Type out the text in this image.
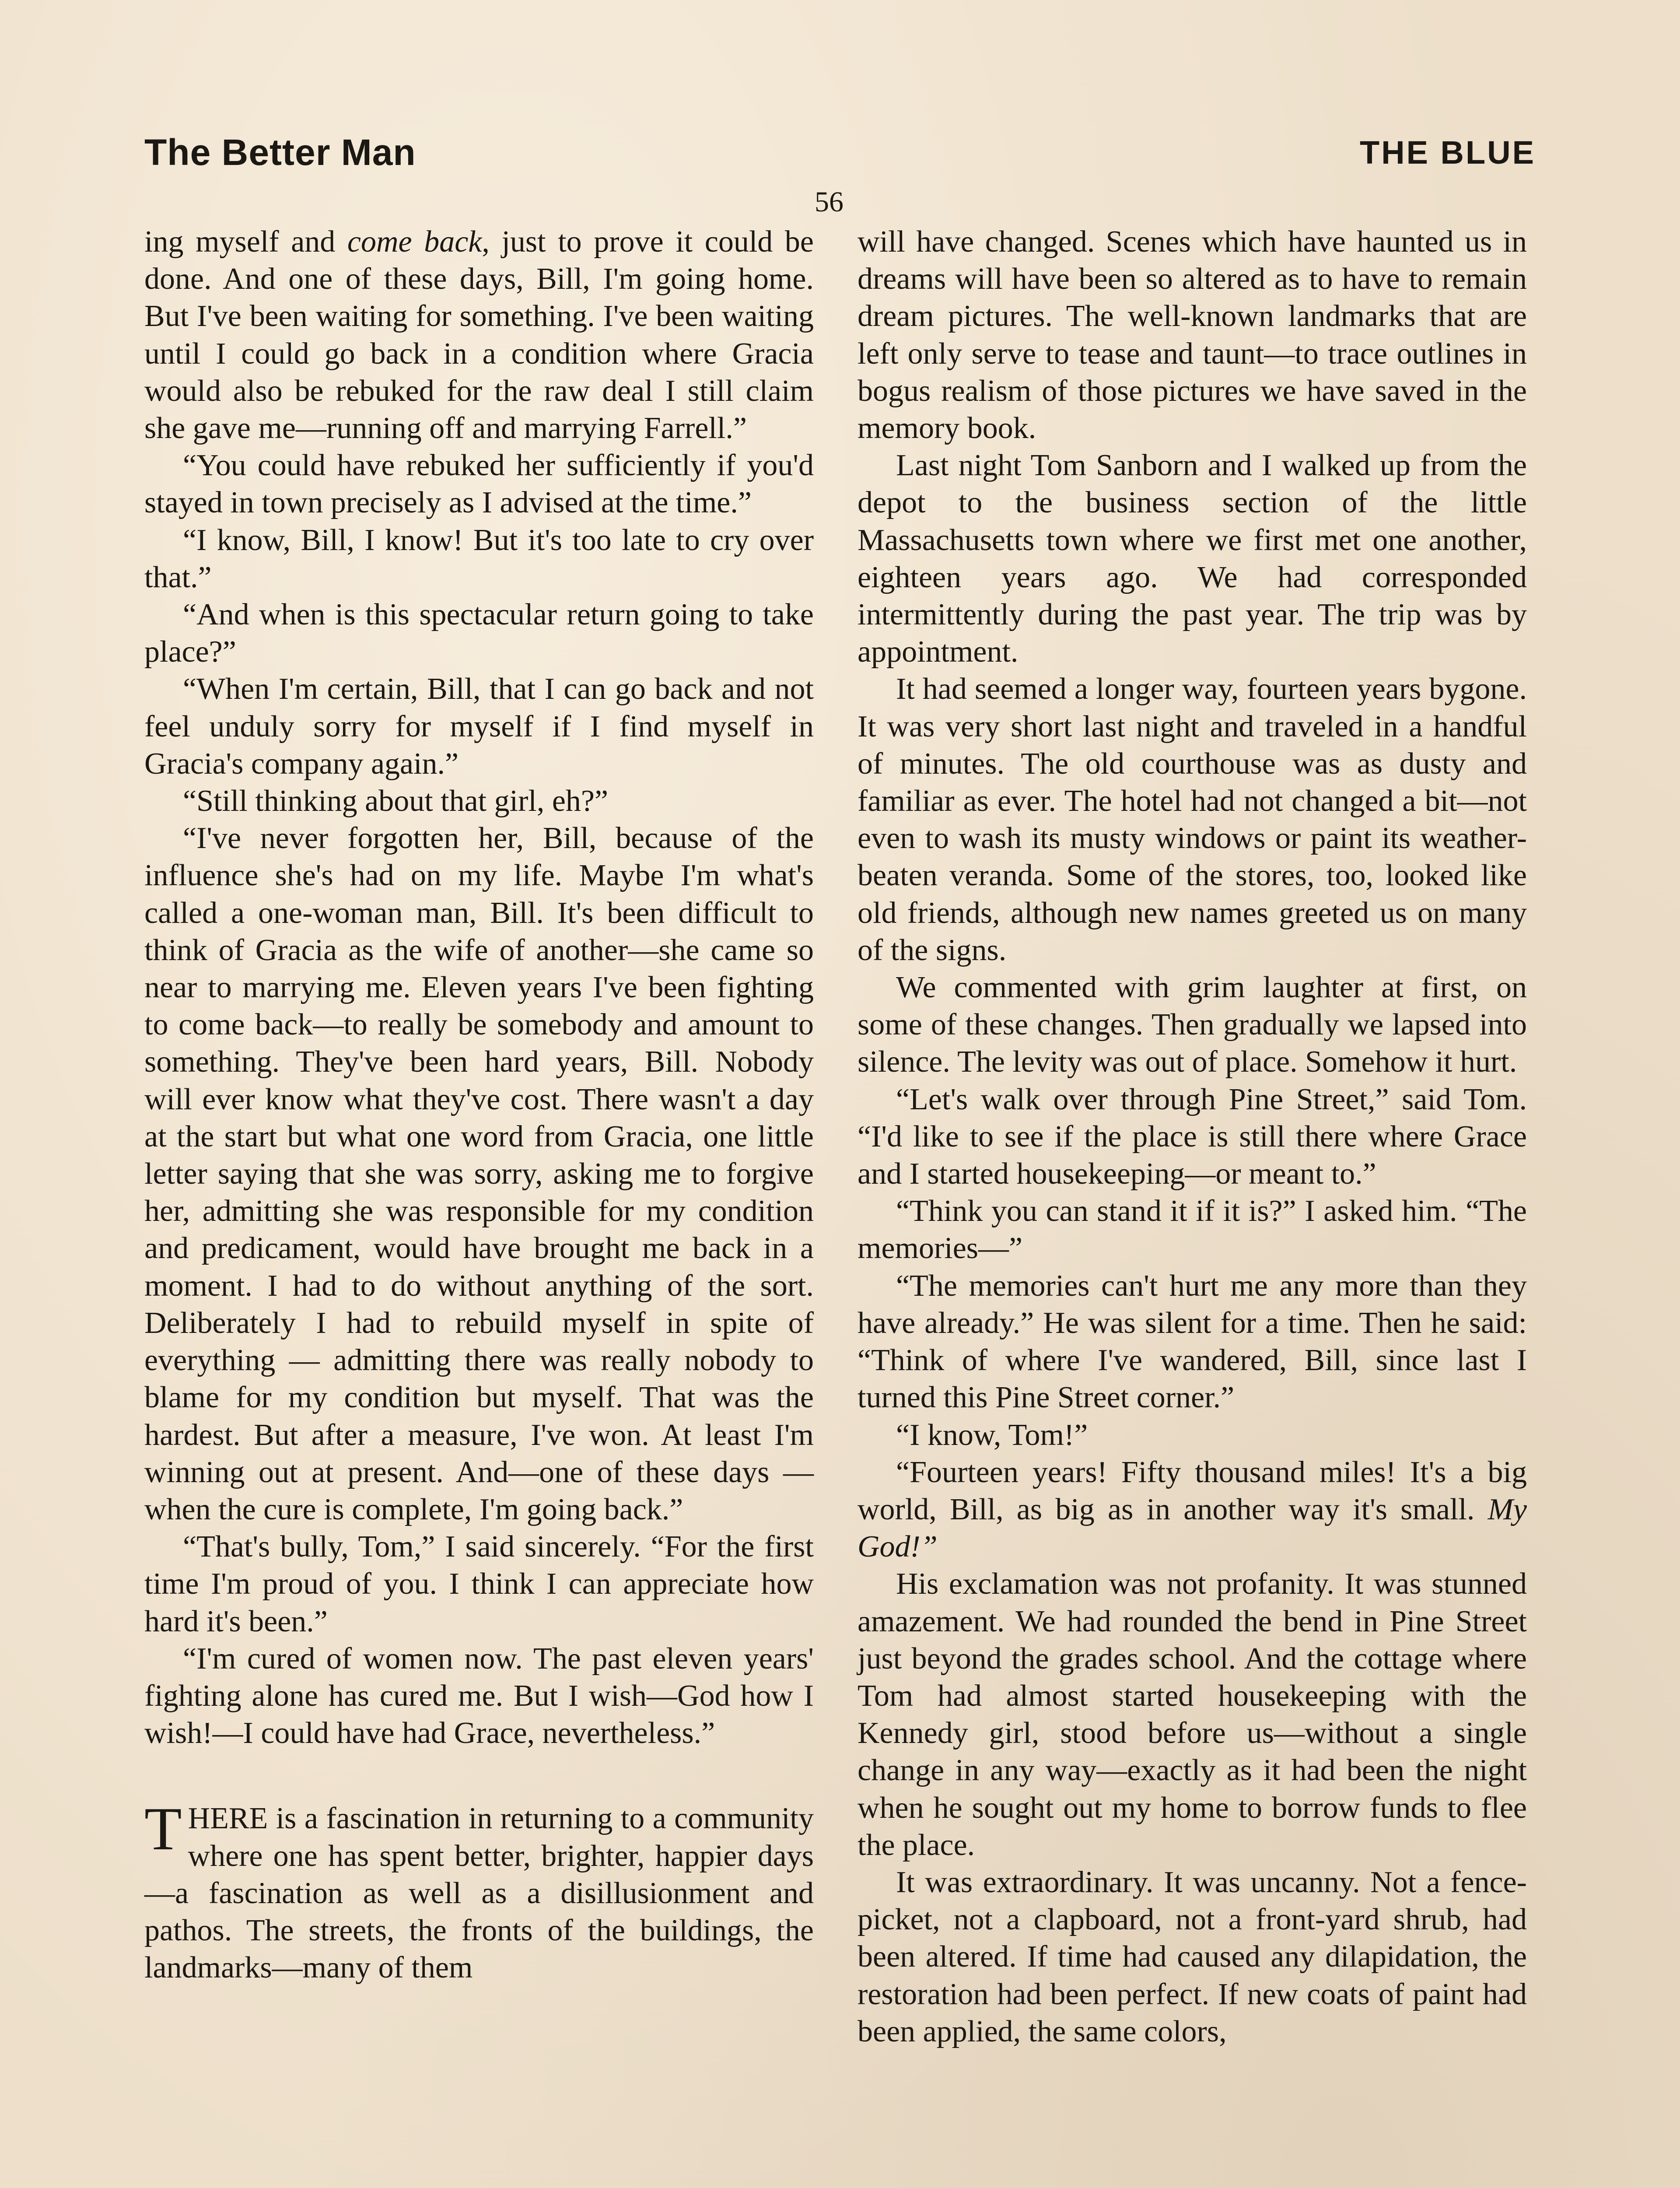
The Better Man	THE BLUE
56

ing myself and come back, just to prove it could be done. And one of these days, Bill, I'm going home. But I've been waiting for something. I've been waiting until I could go back in a condition where Gracia would also be rebuked for the raw deal I still claim she gave me—running off and marrying Farrell.”

“You could have rebuked her sufficiently if you'd stayed in town precisely as I advised at the time.”

“I know, Bill, I know! But it's too late to cry over that.”

“And when is this spectacular return going to take place?”

“When I'm certain, Bill, that I can go back and not feel unduly sorry for myself if I find myself in Gracia's company again.”

“Still thinking about that girl, eh?”

“I've never forgotten her, Bill, because of the influence she's had on my life. Maybe I'm what's called a one-woman man, Bill. It's been difficult to think of Gracia as the wife of another—she came so near to marrying me. Eleven years I've been fighting to come back—to really be somebody and amount to something. They've been hard years, Bill. Nobody will ever know what they've cost. There wasn't a day at the start but what one word from Gracia, one little letter saying that she was sorry, asking me to forgive her, admitting she was responsible for my condition and predicament, would have brought me back in a moment. I had to do without anything of the sort. Deliberately I had to rebuild myself in spite of everything — admitting there was really nobody to blame for my condition but myself. That was the hardest. But after a measure, I've won. At least I'm winning out at present. And—one of these days —when the cure is complete, I'm going back.”

“That's bully, Tom,” I said sincerely. “For the first time I'm proud of you. I think I can appreciate how hard it's been.”

“I'm cured of women now. The past eleven years' fighting alone has cured me. But I wish—God how I wish!—I could have had Grace, nevertheless.”

THERE is a fascination in returning to a community where one has spent better, brighter, happier days—a fascination as well as a disillusionment and pathos. The streets, the fronts of the buildings, the landmarks—many of them

will have changed. Scenes which have haunted us in dreams will have been so altered as to have to remain dream pictures. The well-known landmarks that are left only serve to tease and taunt—to trace outlines in bogus realism of those pictures we have saved in the memory book.

Last night Tom Sanborn and I walked up from the depot to the business section of the little Massachusetts town where we first met one another, eighteen years ago. We had corresponded intermittently during the past year. The trip was by appointment.

It had seemed a longer way, fourteen years bygone. It was very short last night and traveled in a handful of minutes. The old courthouse was as dusty and familiar as ever. The hotel had not changed a bit—not even to wash its musty windows or paint its weather-beaten veranda. Some of the stores, too, looked like old friends, although new names greeted us on many of the signs.

We commented with grim laughter at first, on some of these changes. Then gradually we lapsed into silence. The levity was out of place. Somehow it hurt.

“Let's walk over through Pine Street,” said Tom. “I'd like to see if the place is still there where Grace and I started housekeeping—or meant to.”

“Think you can stand it if it is?” I asked him. “The memories—”

“The memories can't hurt me any more than they have already.” He was silent for a time. Then he said: “Think of where I've wandered, Bill, since last I turned this Pine Street corner.”

“I know, Tom!”

“Fourteen years! Fifty thousand miles! It's a big world, Bill, as big as in another way it's small. My God!”

His exclamation was not profanity. It was stunned amazement. We had rounded the bend in Pine Street just beyond the grades school. And the cottage where Tom had almost started housekeeping with the Kennedy girl, stood before us—without a single change in any way—exactly as it had been the night when he sought out my home to borrow funds to flee the place.

It was extraordinary. It was uncanny. Not a fence-picket, not a clapboard, not a front-yard shrub, had been altered. If time had caused any dilapidation, the restoration had been perfect. If new coats of paint had been applied, the same colors,
